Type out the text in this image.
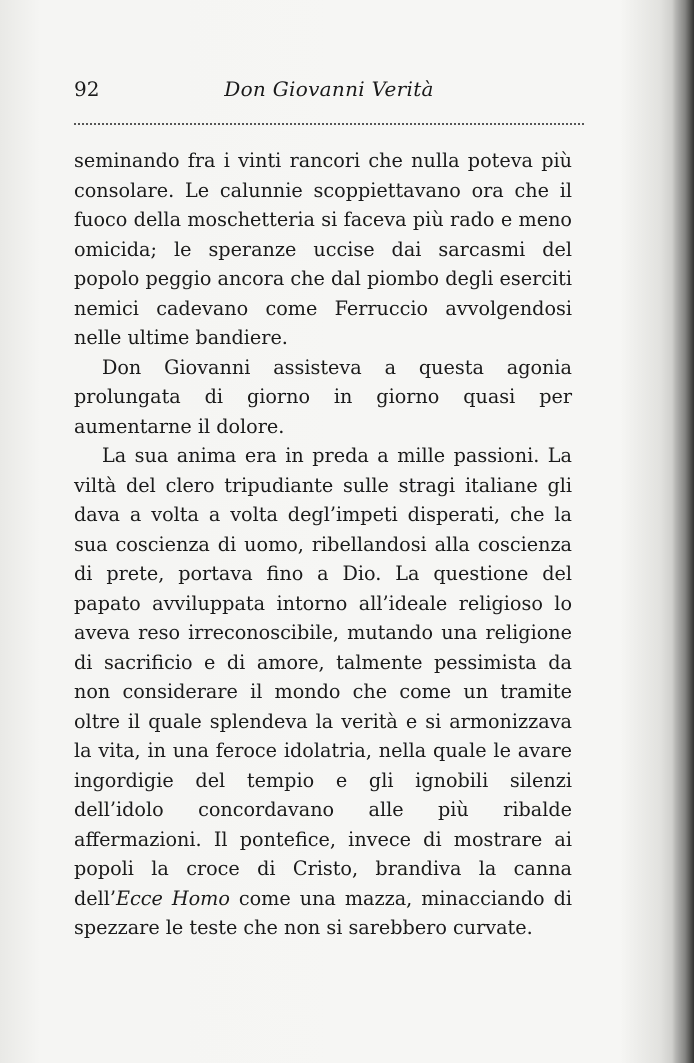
92	Don Giovanni Verità

seminando fra i vinti rancori che nulla poteva più consolare. Le calunnie scoppiettavano ora che il fuoco della moschetteria si faceva più rado e meno omicida; le speranze uccise dai sarcasmi del popolo peggio ancora che dal piombo degli eserciti nemici cadevano come Ferruccio avvolgendosi nelle ultime bandiere.

Don Giovanni assisteva a questa agonia prolungata di giorno in giorno quasi per aumentarne il dolore.

La sua anima era in preda a mille passioni. La viltà del clero tripudiante sulle stragi italiane gli dava a volta a volta degl’impeti disperati, che la sua coscienza di uomo, ribellandosi alla coscienza di prete, portava fino a Dio. La questione del papato avviluppata intorno all’ideale religioso lo aveva reso irreconoscibile, mutando una religione di sacrificio e di amore, talmente pessimista da non considerare il mondo che come un tramite oltre il quale splendeva la verità e si armonizzava la vita, in una feroce idolatria, nella quale le avare ingordigie del tempio e gli ignobili silenzi dell’idolo concordavano alle più ribalde affermazioni. Il pontefice, invece di mostrare ai popoli la croce di Cristo, brandiva la canna dell’Ecce Homo come una mazza, minacciando di spezzare le teste che non si sarebbero curvate.
